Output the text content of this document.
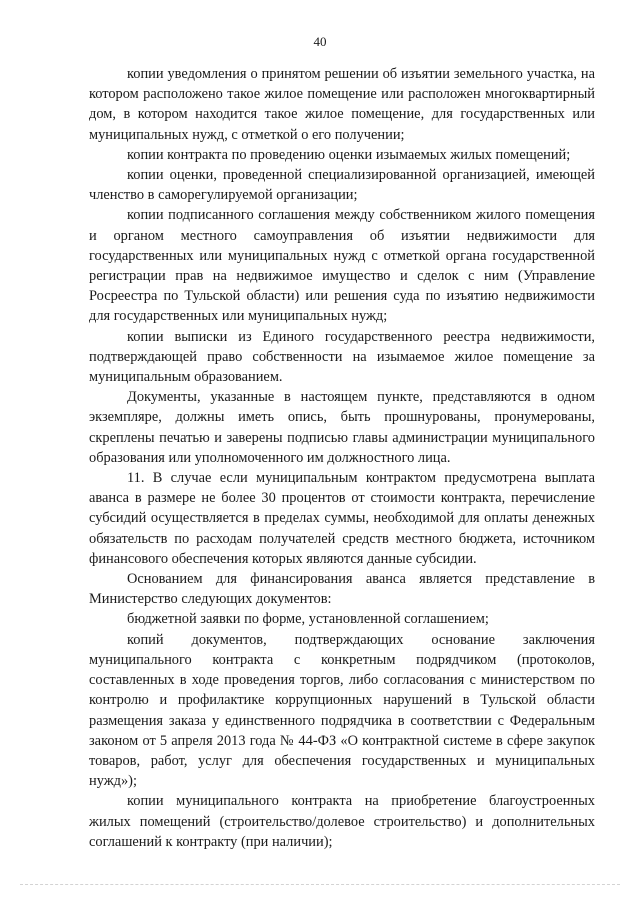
40

копии уведомления о принятом решении об изъятии земельного участка, на котором расположено такое жилое помещение или расположен многоквартирный дом, в котором находится такое жилое помещение, для государственных или муниципальных нужд, с отметкой о его получении;

копии контракта по проведению оценки изымаемых жилых помещений;

копии оценки, проведенной специализированной организацией, имеющей членство в саморегулируемой организации;

копии подписанного соглашения между собственником жилого помещения и органом местного самоуправления об изъятии недвижимости для государственных или муниципальных нужд с отметкой органа государственной регистрации прав на недвижимое имущество и сделок с ним (Управление Росреестра по Тульской области) или решения суда по изъятию недвижимости для государственных или муниципальных нужд;

копии выписки из Единого государственного реестра недвижимости, подтверждающей право собственности на изымаемое жилое помещение за муниципальным образованием.

Документы, указанные в настоящем пункте, представляются в одном экземпляре, должны иметь опись, быть прошнурованы, пронумерованы, скреплены печатью и заверены подписью главы администрации муниципального образования или уполномоченного им должностного лица.

11. В случае если муниципальным контрактом предусмотрена выплата аванса в размере не более 30 процентов от стоимости контракта, перечисление субсидий осуществляется в пределах суммы, необходимой для оплаты денежных обязательств по расходам получателей средств местного бюджета, источником финансового обеспечения которых являются данные субсидии.

Основанием для финансирования аванса является представление в Министерство следующих документов:

бюджетной заявки по форме, установленной соглашением;

копий документов, подтверждающих основание заключения муниципального контракта с конкретным подрядчиком (протоколов, составленных в ходе проведения торгов, либо согласования с министерством по контролю и профилактике коррупционных нарушений в Тульской области размещения заказа у единственного подрядчика в соответствии с Федеральным законом от 5 апреля 2013 года № 44-ФЗ «О контрактной системе в сфере закупок товаров, работ, услуг для обеспечения государственных и муниципальных нужд»);

копии муниципального контракта на приобретение благоустроенных жилых помещений (строительство/долевое строительство) и дополнительных соглашений к контракту (при наличии);
